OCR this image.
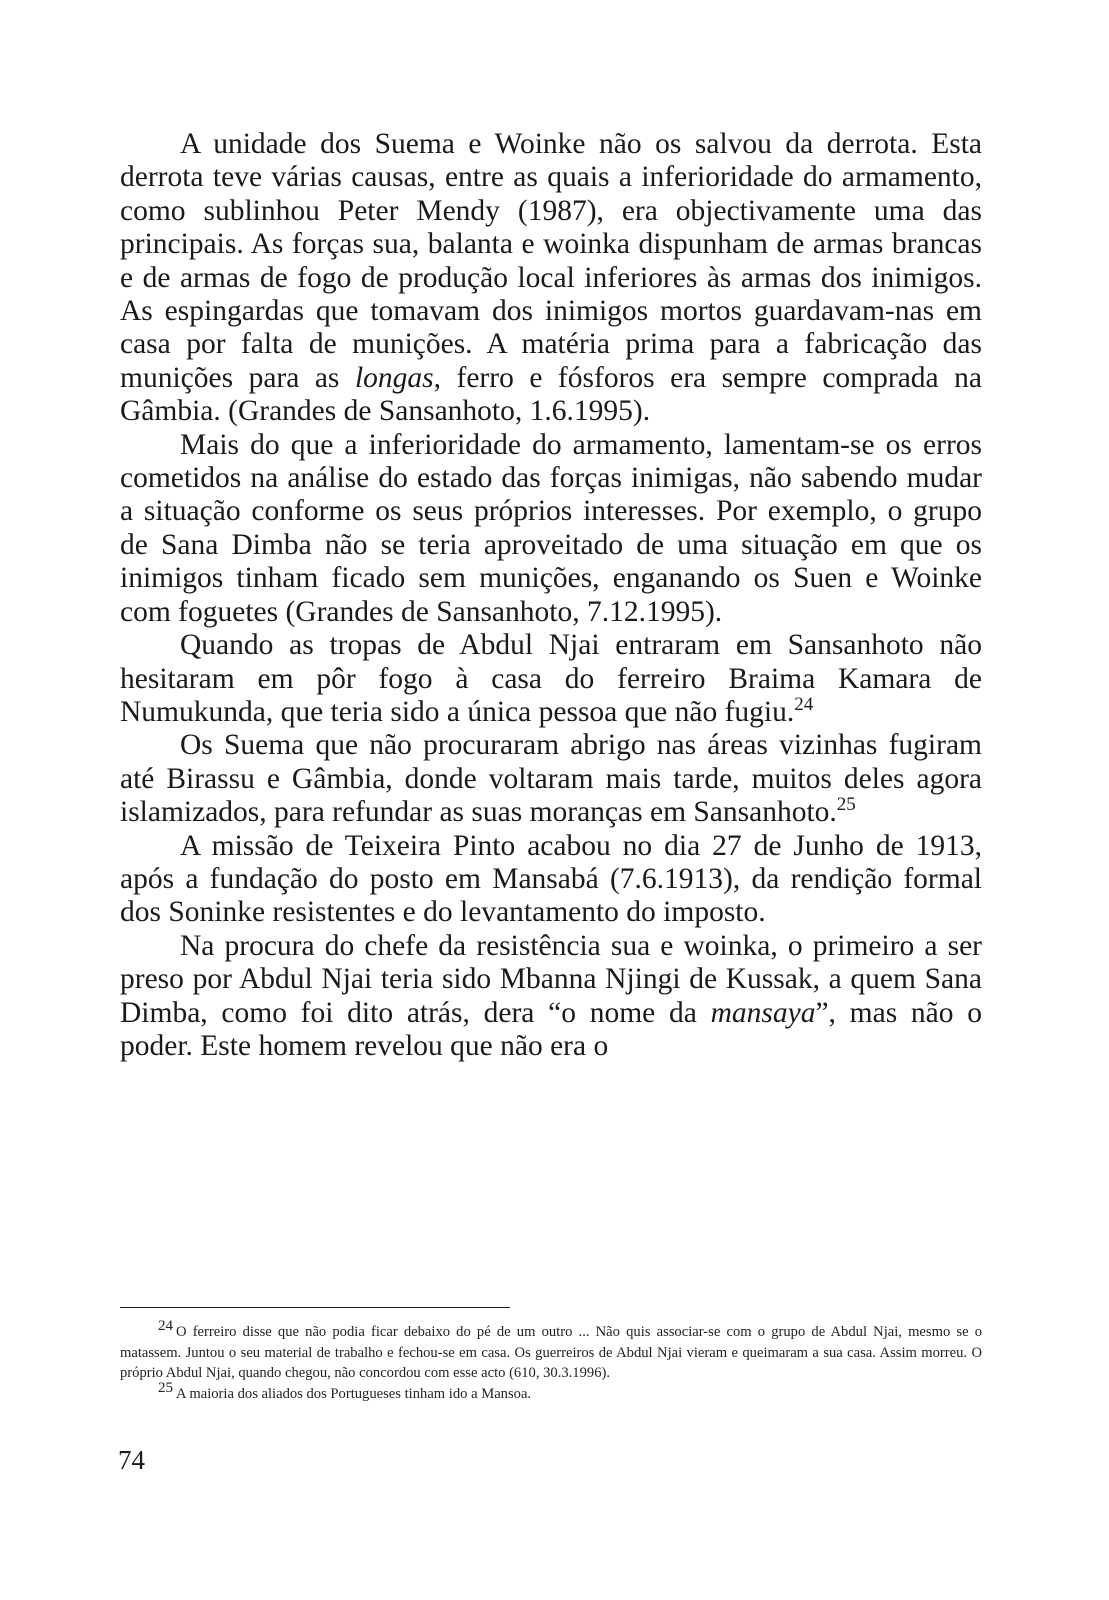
A unidade dos Suema e Woinke não os salvou da derrota. Esta derrota teve várias causas, entre as quais a inferioridade do armamento, como sublinhou Peter Mendy (1987), era objectivamente uma das principais. As forças sua, balanta e woinka dispunham de armas brancas e de armas de fogo de produção local inferiores às armas dos inimigos. As espingardas que tomavam dos inimigos mortos guardavam-nas em casa por falta de munições. A matéria prima para a fabricação das munições para as longas, ferro e fósforos era sempre comprada na Gâmbia. (Grandes de Sansanhoto, 1.6.1995).

Mais do que a inferioridade do armamento, lamentam-se os erros cometidos na análise do estado das forças inimigas, não sabendo mudar a situação conforme os seus próprios interesses. Por exemplo, o grupo de Sana Dimba não se teria aproveitado de uma situação em que os inimigos tinham ficado sem munições, enganando os Suen e Woinke com foguetes (Grandes de Sansanhoto, 7.12.1995).

Quando as tropas de Abdul Njai entraram em Sansanhoto não hesitaram em pôr fogo à casa do ferreiro Braima Kamara de Numukunda, que teria sido a única pessoa que não fugiu.$^{24}$

Os Suema que não procuraram abrigo nas áreas vizinhas fugiram até Birassu e Gâmbia, donde voltaram mais tarde, muitos deles agora islamizados, para refundar as suas moranças em Sansanhoto.$^{25}$

A missão de Teixeira Pinto acabou no dia 27 de Junho de 1913, após a fundação do posto em Mansabá (7.6.1913), da rendição formal dos Soninke resistentes e do levantamento do imposto.

Na procura do chefe da resistência sua e woinka, o primeiro a ser preso por Abdul Njai teria sido Mbanna Njingi de Kussak, a quem Sana Dimba, como foi dito atrás, dera “o nome da mansaya”, mas não o poder. Este homem revelou que não era o

$^{24}$ O ferreiro disse que não podia ficar debaixo do pé de um outro ... Não quis associar-se com o grupo de Abdul Njai, mesmo se o matassem. Juntou o seu material de trabalho e fechou-se em casa. Os guerreiros de Abdul Njai vieram e queimaram a sua casa. Assim morreu. O próprio Abdul Njai, quando chegou, não concordou com esse acto (610, 30.3.1996).

$^{25}$ A maioria dos aliados dos Portugueses tinham ido a Mansoa.

74
